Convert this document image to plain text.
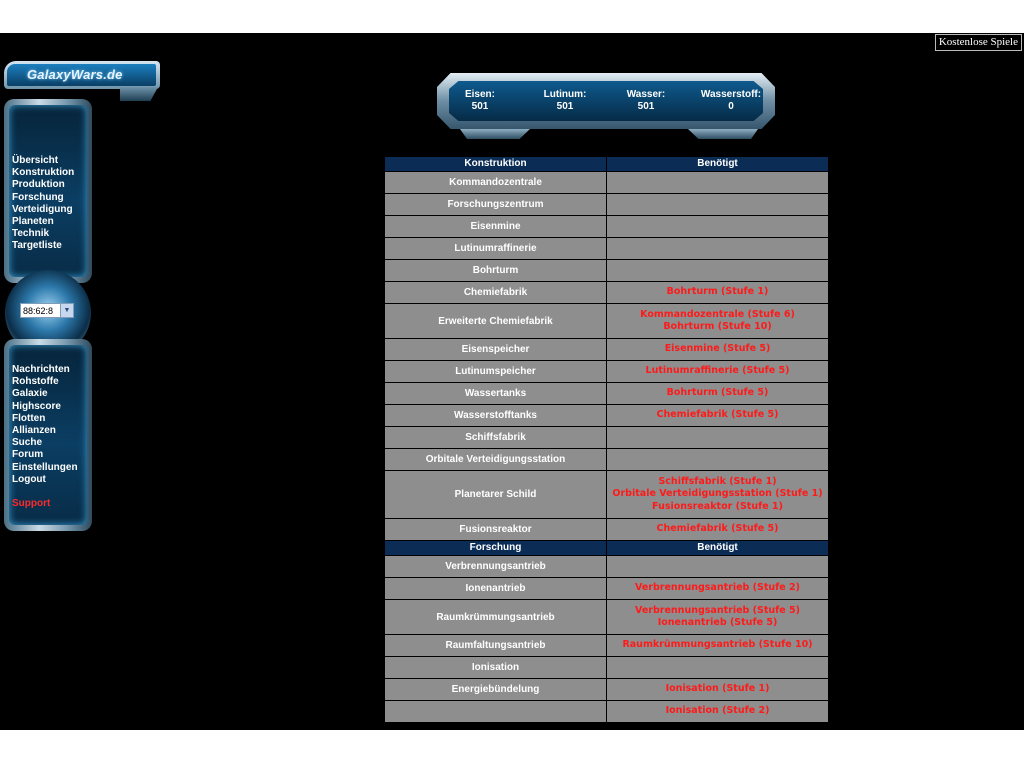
Kostenlose Spiele
GalaxyWars.de
Übersicht
Konstruktion
Produktion
Forschung
Verteidigung
Planeten
Technik
Targetliste
88:62:8	▼
Nachrichten
Rohstoffe
Galaxie
Highscore
Flotten
Allianzen
Suche
Forum
Einstellungen
Logout
Support
Eisen:
501
Lutinum:
501
Wasser:
501
Wasserstoff:
0
Konstruktion	Benötigt
Kommandozentrale	
Forschungszentrum	
Eisenmine	
Lutinumraffinerie	
Bohrturm	
Chemiefabrik	Bohrturm (Stufe 1)

Erweiterte Chemiefabrik	Kommandozentrale (Stufe 6)
Bohrturm (Stufe 10)

Eisenspeicher	Eisenmine (Stufe 5)

Lutinumspeicher	Lutinumraffinerie (Stufe 5)

Wassertanks	Bohrturm (Stufe 5)

Wasserstofftanks	Chemiefabrik (Stufe 5)

Schiffsfabrik	
Orbitale Verteidigungsstation	
Planetarer Schild	Schiffsfabrik (Stufe 1)
Orbitale Verteidigungsstation (Stufe 1)
Fusionsreaktor (Stufe 1)

Fusionsreaktor	Chemiefabrik (Stufe 5)

Forschung	Benötigt
Verbrennungsantrieb	
Ionenantrieb	Verbrennungsantrieb (Stufe 2)

Raumkrümmungsantrieb	Verbrennungsantrieb (Stufe 5)
Ionenantrieb (Stufe 5)

Raumfaltungsantrieb	Raumkrümmungsantrieb (Stufe 10)

Ionisation	
Energiebündelung	Ionisation (Stufe 1)

	Ionisation (Stufe 2)
